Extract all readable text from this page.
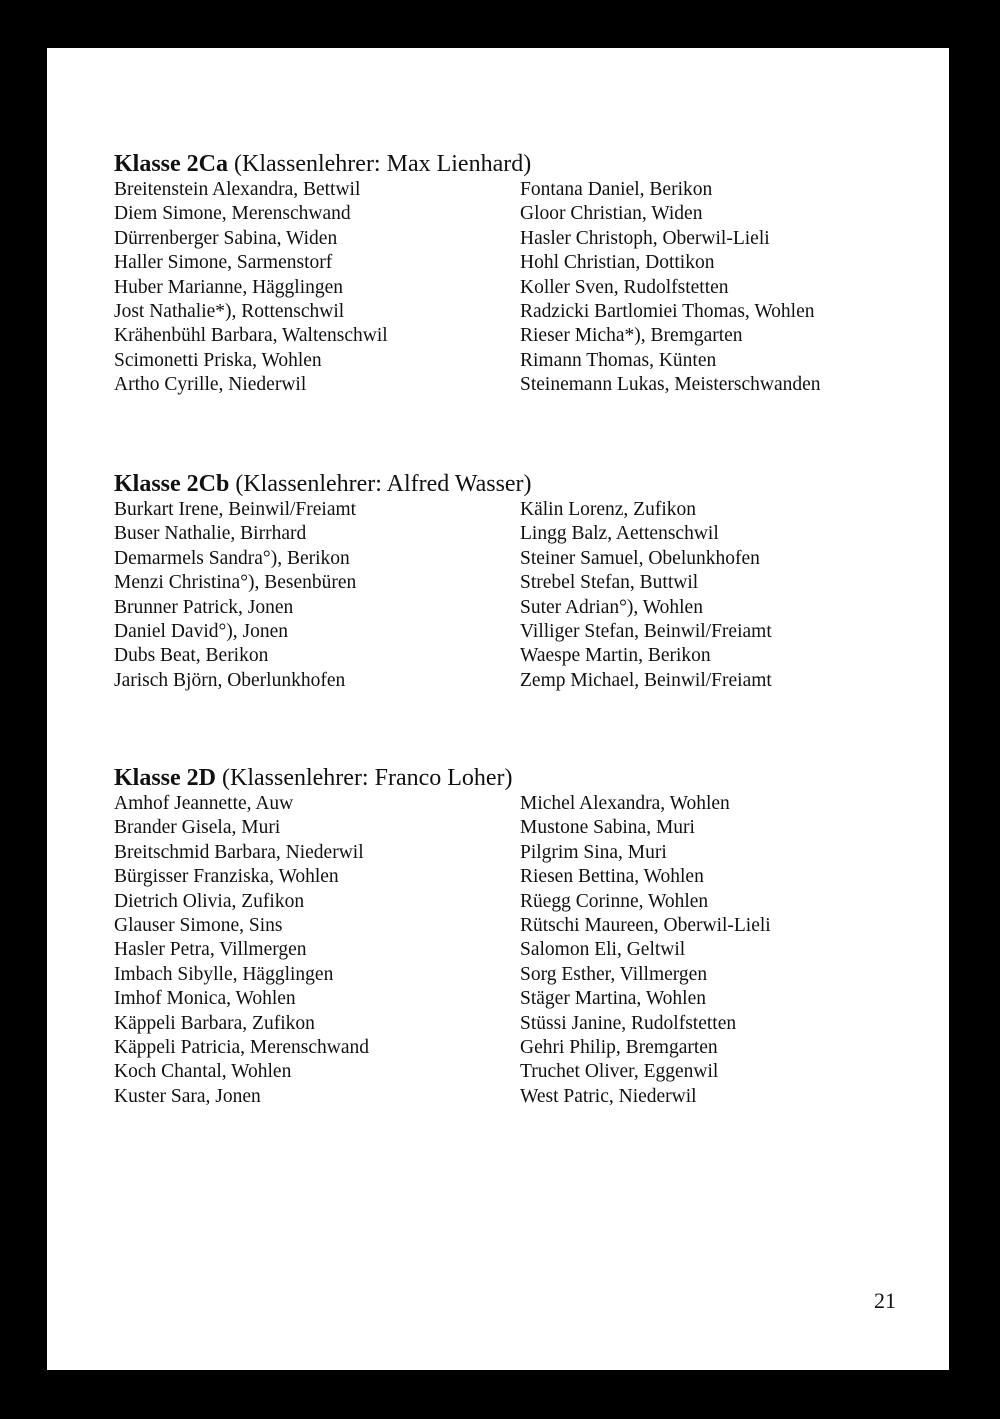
Klasse 2Ca (Klassenlehrer: Max Lienhard)
Breitenstein Alexandra, Bettwil
Diem Simone, Merenschwand
Dürrenberger Sabina, Widen
Haller Simone, Sarmenstorf
Huber Marianne, Hägglingen
Jost Nathalie*), Rottenschwil
Krähenbühl Barbara, Waltenschwil
Scimonetti Priska, Wohlen
Artho Cyrille, Niederwil
Fontana Daniel, Berikon
Gloor Christian, Widen
Hasler Christoph, Oberwil-Lieli
Hohl Christian, Dottikon
Koller Sven, Rudolfstetten
Radzicki Bartlomiei Thomas, Wohlen
Rieser Micha*), Bremgarten
Rimann Thomas, Künten
Steinemann Lukas, Meisterschwanden
Klasse 2Cb (Klassenlehrer: Alfred Wasser)
Burkart Irene, Beinwil/Freiamt
Buser Nathalie, Birrhard
Demarmels Sandra°), Berikon
Menzi Christina°), Besenbüren
Brunner Patrick, Jonen
Daniel David°), Jonen
Dubs Beat, Berikon
Jarisch Björn, Oberlunkhofen
Kälin Lorenz, Zufikon
Lingg Balz, Aettenschwil
Steiner Samuel, Obelunkhofen
Strebel Stefan, Buttwil
Suter Adrian°), Wohlen
Villiger Stefan, Beinwil/Freiamt
Waespe Martin, Berikon
Zemp Michael, Beinwil/Freiamt
Klasse 2D (Klassenlehrer: Franco Loher)
Amhof Jeannette, Auw
Brander Gisela, Muri
Breitschmid Barbara, Niederwil
Bürgisser Franziska, Wohlen
Dietrich Olivia, Zufikon
Glauser Simone, Sins
Hasler Petra, Villmergen
Imbach Sibylle, Hägglingen
Imhof Monica, Wohlen
Käppeli Barbara, Zufikon
Käppeli Patricia, Merenschwand
Koch Chantal, Wohlen
Kuster Sara, Jonen
Michel Alexandra, Wohlen
Mustone Sabina, Muri
Pilgrim Sina, Muri
Riesen Bettina, Wohlen
Rüegg Corinne, Wohlen
Rütschi Maureen, Oberwil-Lieli
Salomon Eli, Geltwil
Sorg Esther, Villmergen
Stäger Martina, Wohlen
Stüssi Janine, Rudolfstetten
Gehri Philip, Bremgarten
Truchet Oliver, Eggenwil
West Patric, Niederwil
21
